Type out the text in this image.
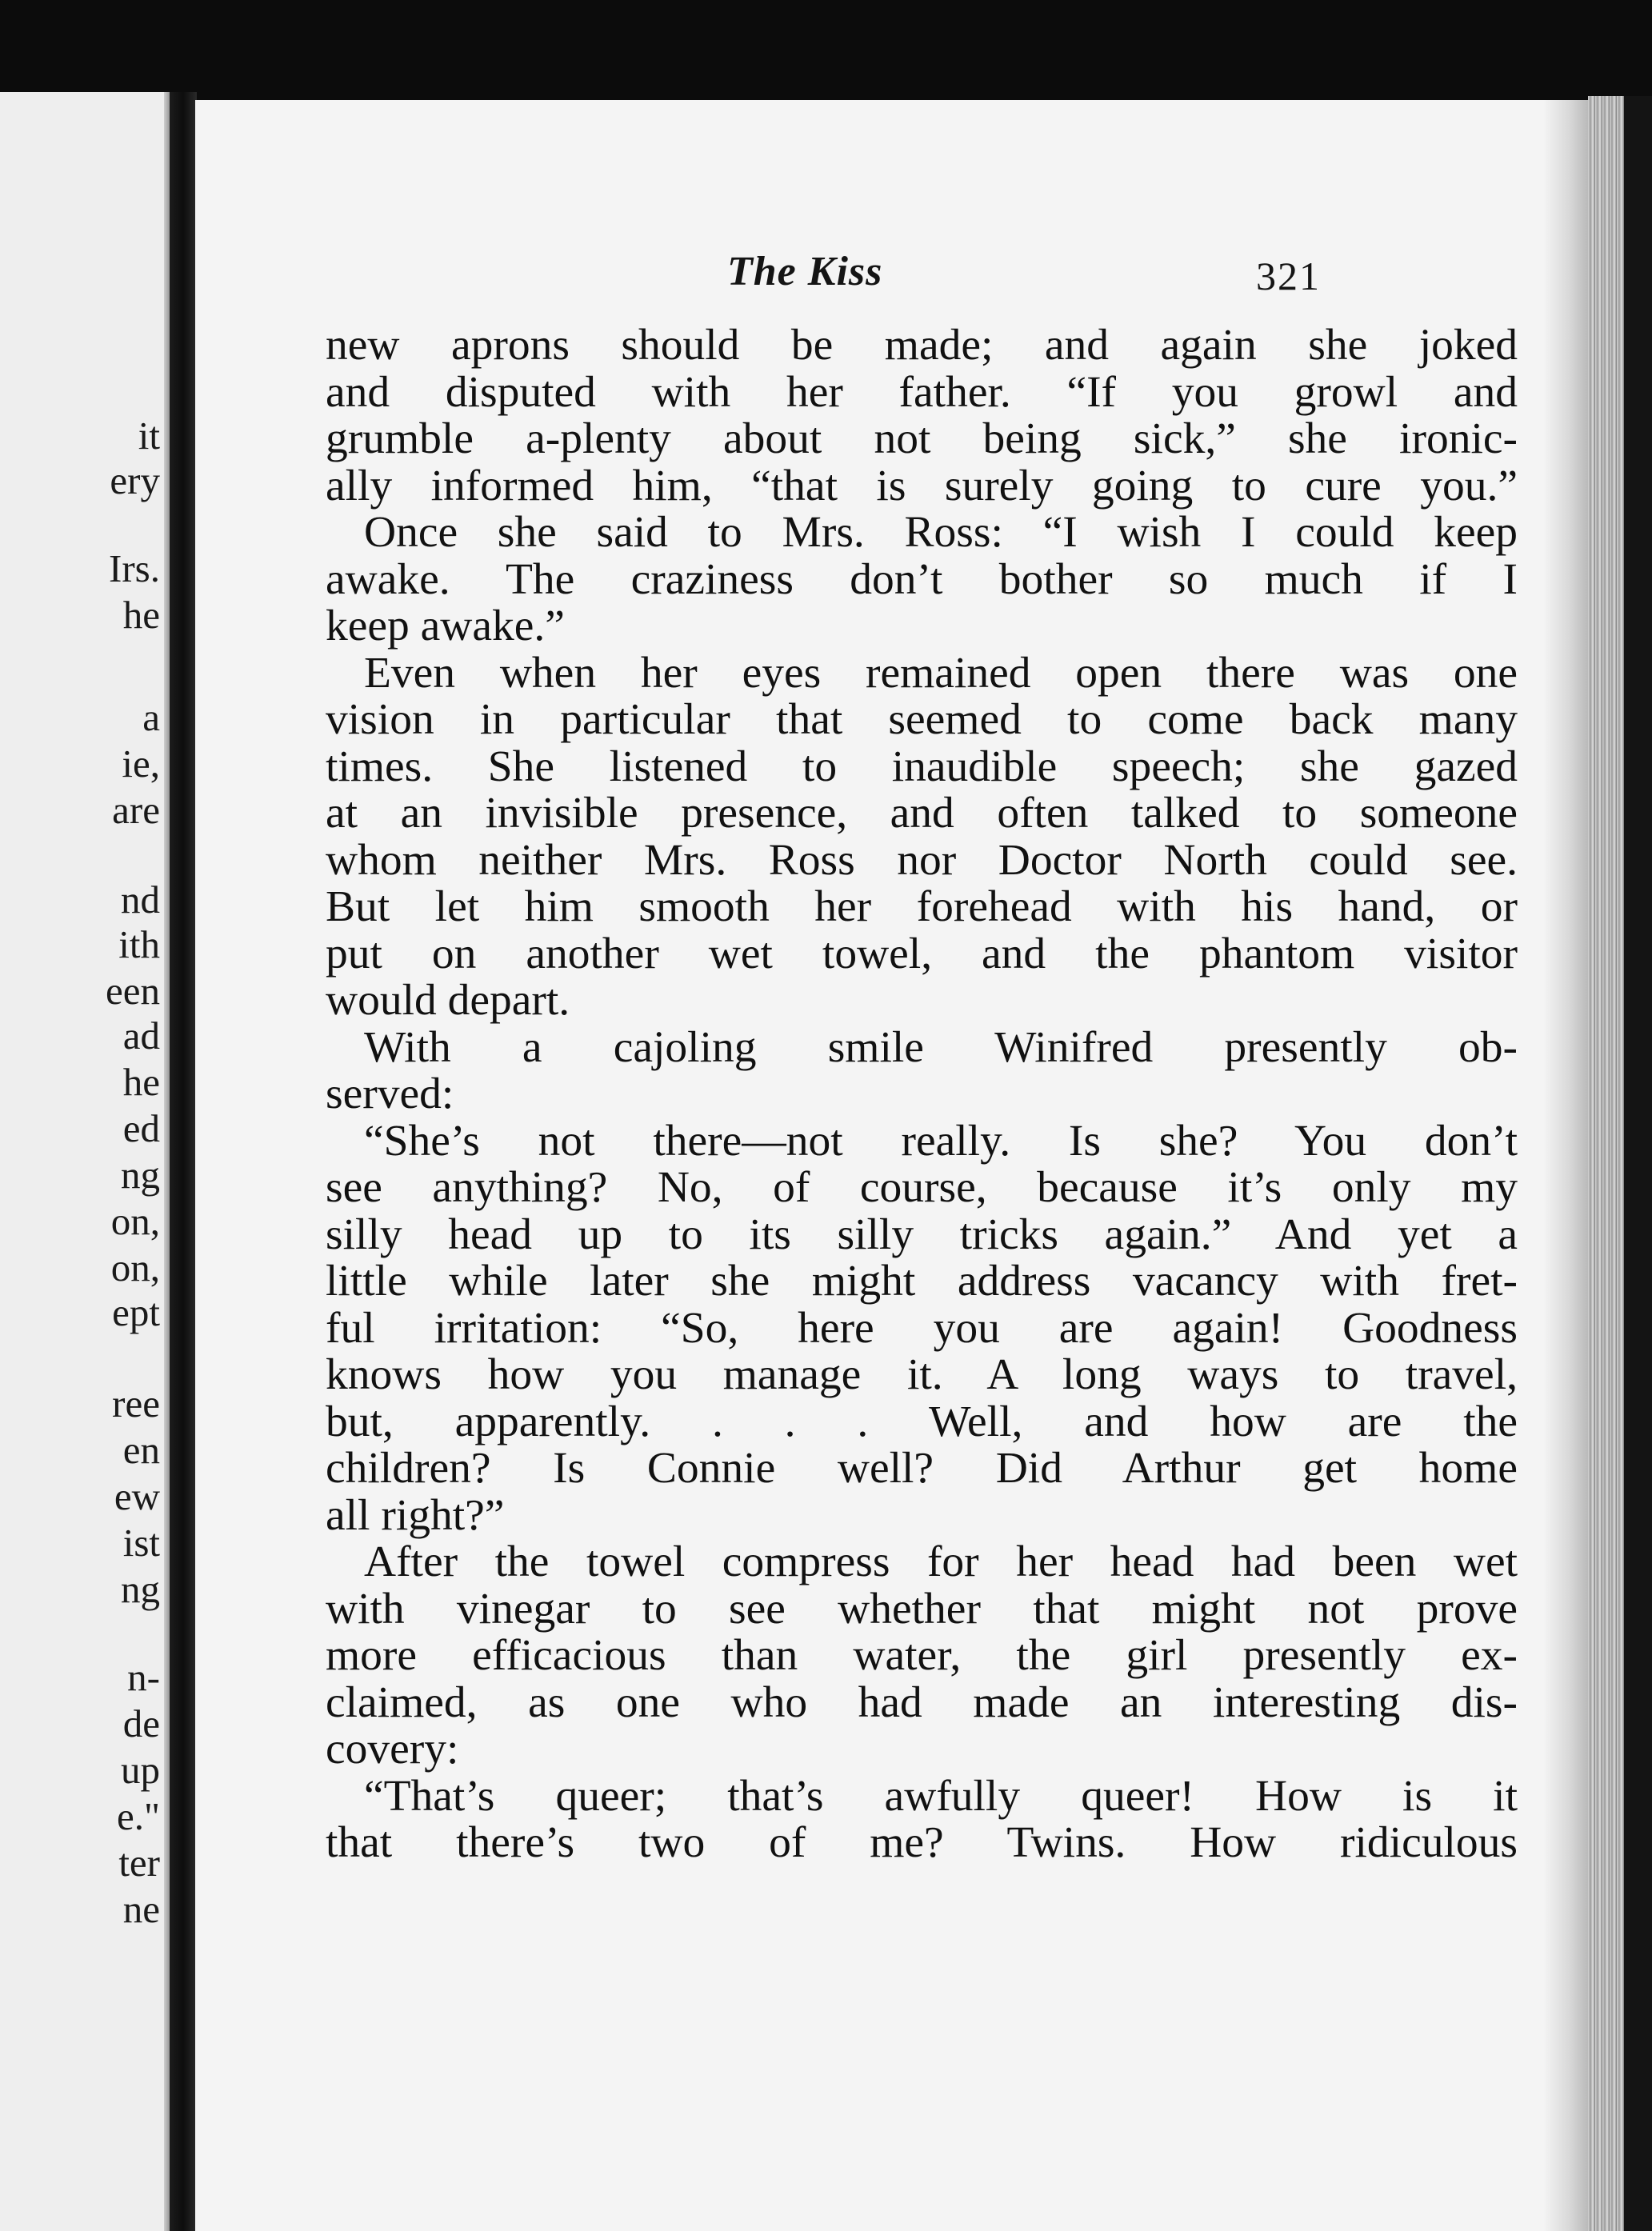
it
ery
Irs.
he
a
ie,
are
nd
ith
een
ad
he
ed
ng
on,
on,
ept
ree
en
ew
ist
ng
n-
de
up
e."
ter
ne
The Kiss	321
new aprons should be made; and again she joked
and disputed with her father. “If you growl and
grumble a-plenty about not being sick,” she ironic-
ally informed him, “that is surely going to cure you.”
Once she said to Mrs. Ross: “I wish I could keep
awake. The craziness don’t bother so much if I
keep awake.”
Even when her eyes remained open there was one
vision in particular that seemed to come back many
times. She listened to inaudible speech; she gazed
at an invisible presence, and often talked to someone
whom neither Mrs. Ross nor Doctor North could see.
But let him smooth her forehead with his hand, or
put on another wet towel, and the phantom visitor
would depart.
With a cajoling smile Winifred presently ob-
served:
“She’s not there—not really. Is she? You don’t
see anything? No, of course, because it’s only my
silly head up to its silly tricks again.” And yet a
little while later she might address vacancy with fret-
ful irritation: “So, here you are again! Goodness
knows how you manage it. A long ways to travel,
but, apparently. . . . Well, and how are the
children? Is Connie well? Did Arthur get home
all right?”
After the towel compress for her head had been wet
with vinegar to see whether that might not prove
more efficacious than water, the girl presently ex-
claimed, as one who had made an interesting dis-
covery:
“That’s queer; that’s awfully queer! How is it
that there’s two of me? Twins. How ridiculous
